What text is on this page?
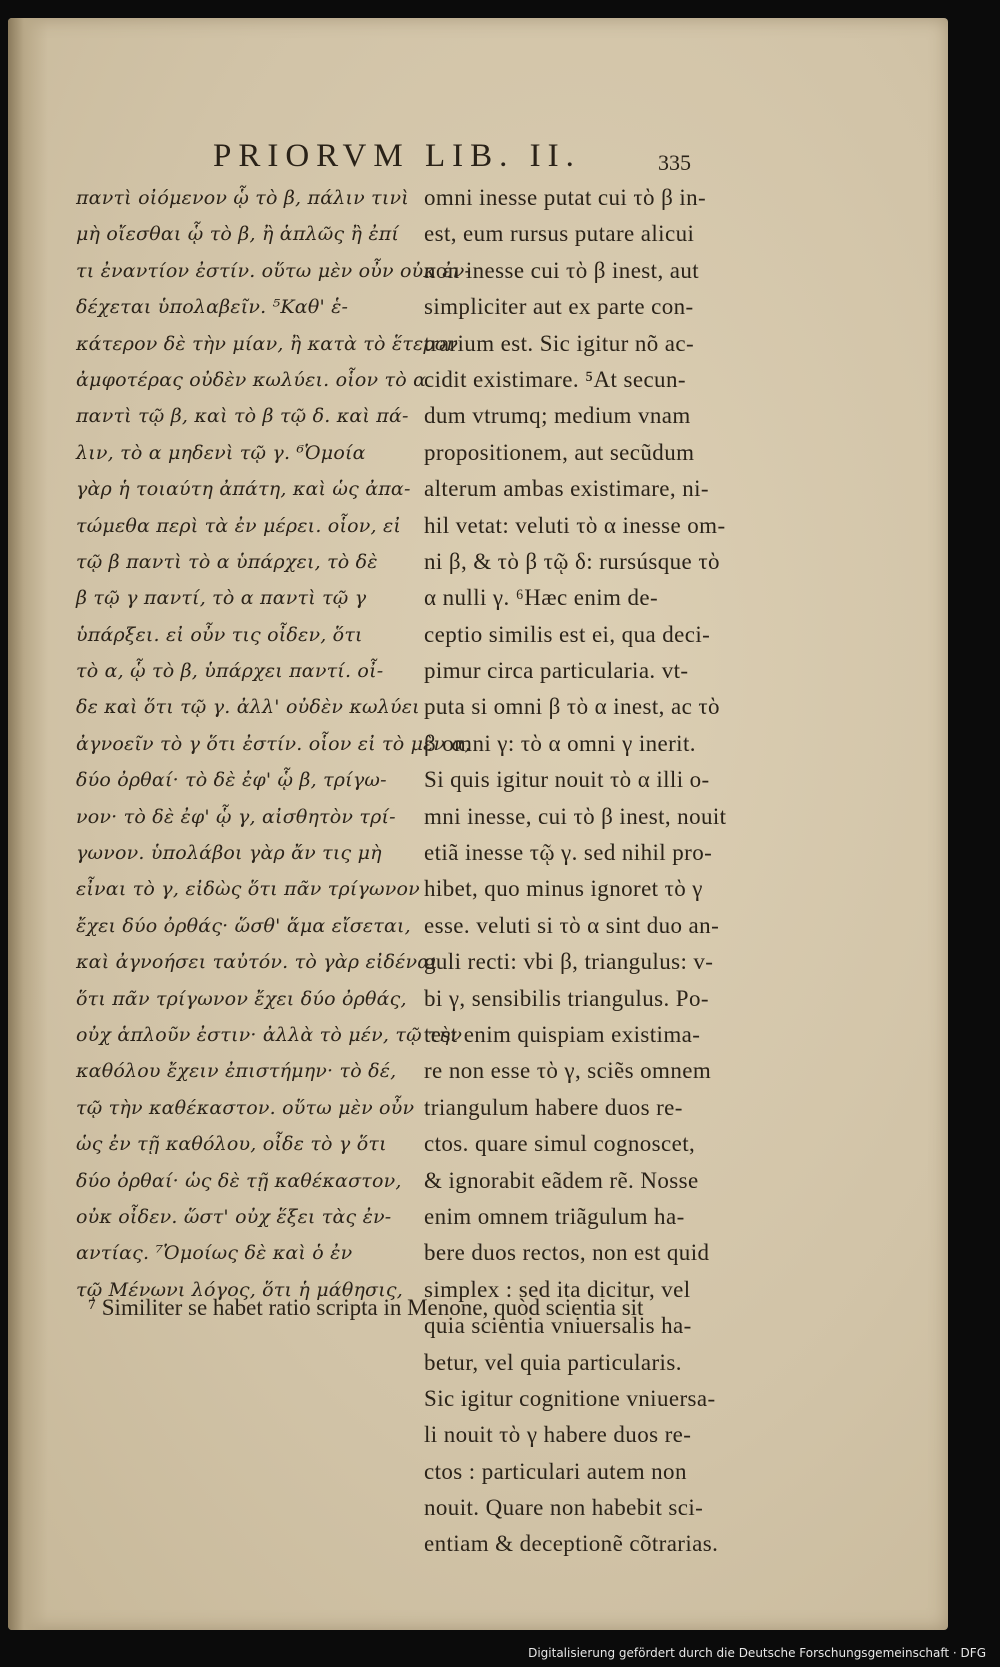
PRIORVM LIB. II.	335
παντὶ οἰόμενον ᾧ τὸ β, πάλιν τινὶ
μὴ οἴεσθαι ᾧ τὸ β, ἢ ἁπλῶς ἢ ἐπί
τι ἐναντίον ἐστίν. οὕτω μὲν οὖν οὐκ ἐν-
δέχεται ὑπολαβεῖν. ⁵Καθ' ἑ-
κάτερον δὲ τὴν μίαν, ἢ κατὰ τὸ ἕτερον
ἀμφοτέρας οὐδὲν κωλύει. οἷον τὸ α
παντὶ τῷ β, καὶ τὸ β τῷ δ. καὶ πά-
λιν, τὸ α μηδενὶ τῷ γ. ⁶Ὁμοία
γὰρ ἡ τοιαύτη ἀπάτη, καὶ ὡς ἀπα-
τώμεθα περὶ τὰ ἐν μέρει. οἷον, εἰ
τῷ β παντὶ τὸ α ὑπάρχει, τὸ δὲ
β τῷ γ παντί, τὸ α παντὶ τῷ γ
ὑπάρξει. εἰ οὖν τις οἶδεν, ὅτι
τὸ α, ᾧ τὸ β, ὑπάρχει παντί. οἶ-
δε καὶ ὅτι τῷ γ. ἀλλ' οὐδὲν κωλύει
ἀγνοεῖν τὸ γ ὅτι ἐστίν. οἷον εἰ τὸ μὲν α,
δύο ὀρθαί· τὸ δὲ ἐφ' ᾧ β, τρίγω-
νον· τὸ δὲ ἐφ' ᾧ γ, αἰσθητὸν τρί-
γωνον. ὑπολάβοι γὰρ ἄν τις μὴ
εἶναι τὸ γ, εἰδὼς ὅτι πᾶν τρίγωνον
ἔχει δύο ὀρθάς· ὥσθ' ἅμα εἴσεται,
καὶ ἀγνοήσει ταὐτόν. τὸ γὰρ εἰδέναι
ὅτι πᾶν τρίγωνον ἔχει δύο ὀρθάς,
οὐχ ἁπλοῦν ἐστιν· ἀλλὰ τὸ μέν, τῷ τὴν
καθόλου ἔχειν ἐπιστήμην· τὸ δέ,
τῷ τὴν καθέκαστον. οὕτω μὲν οὖν
ὡς ἐν τῇ καθόλου, οἶδε τὸ γ ὅτι
δύο ὀρθαί· ὡς δὲ τῇ καθέκαστον,
οὐκ οἶδεν. ὥστ' οὐχ ἕξει τὰς ἐν-
αντίας. ⁷Ὁμοίως δὲ καὶ ὁ ἐν
τῷ Μένωνι λόγος, ὅτι ἡ μάθησις,
omni inesse putat cui τὸ β in-
est, eum rursus putare alicui
non inesse cui τὸ β inest, aut
simpliciter aut ex parte con-
trarium est. Sic igitur nõ ac-
cidit existimare. ⁵At secun-
dum vtrumq; medium vnam
propositionem, aut secũdum
alterum ambas existimare, ni-
hil vetat: veluti τὸ α inesse om-
ni β, & τὸ β τῷ δ: rursúsque τὸ
α nulli γ. ⁶Hæc enim de-
ceptio similis est ei, qua deci-
pimur circa particularia. vt-
puta si omni β τὸ α inest, ac τὸ
β omni γ: τὸ α omni γ inerit.
Si quis igitur nouit τὸ α illi o-
mni inesse, cui τὸ β inest, nouit
etiã inesse τῷ γ. sed nihil pro-
hibet, quo minus ignoret τὸ γ
esse. veluti si τὸ α sint duo an-
guli recti: vbi β, triangulus: v-
bi γ, sensibilis triangulus. Po-
test enim quispiam existima-
re non esse τὸ γ, sciẽs omnem
triangulum habere duos re-
ctos. quare simul cognoscet,
& ignorabit eãdem rẽ. Nosse
enim omnem triãgulum ha-
bere duos rectos, non est quid
simplex : sed ita dicitur, vel
quia scientia vniuersalis ha-
betur, vel quia particularis.
Sic igitur cognitione vniuersa-
li nouit τὸ γ habere duos re-
ctos : particulari autem non
nouit. Quare non habebit sci-
entiam & deceptionẽ cõtrarias.
⁷ Similiter se habet ratio scripta in Menone, quòd scientia sit
Digitalisierung gefördert durch die Deutsche Forschungsgemeinschaft · DFG
